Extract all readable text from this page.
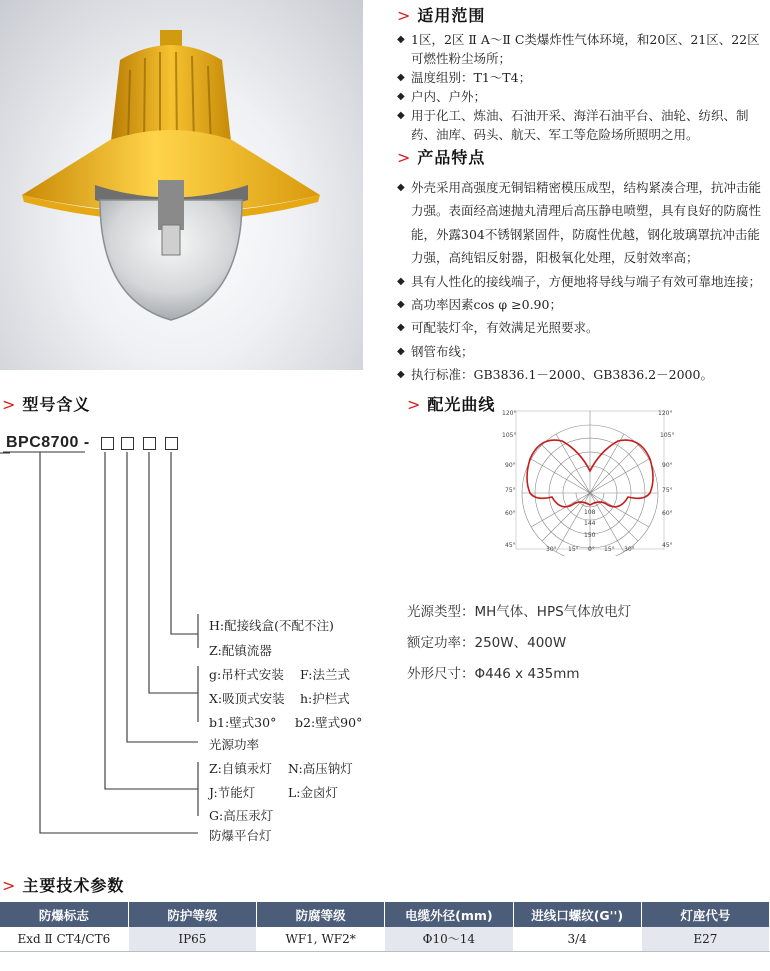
> 适用范围
◆ 1区，2区 Ⅱ A～Ⅱ C类爆炸性气体环境，和20区、21区、22区可燃性粉尘场所；
◆ 温度组别：T1～T4；
◆ 户内、户外；
◆ 用于化工、炼油、石油开采、海洋石油平台、油轮、纺织、制药、油库、码头、航天、军工等危险场所照明之用。
> 产品特点
◆ 外壳采用高强度无铜铝精密模压成型，结构紧凑合理，抗冲击能力强。表面经高速抛丸清理后高压静电喷塑，具有良好的防腐性能，外露304不锈钢紧固件，防腐性优越，钢化玻璃罩抗冲击能力强，高纯铝反射器，阳极氧化处理，反射效率高；
◆ 具有人性化的接线端子，方便地将导线与端子有效可靠地连接；
◆ 高功率因素cos φ ≥0.90；
◆ 可配装灯伞，有效满足光照要求。
◆ 钢管布线；
◆ 执行标准：GB3836.1－2000、GB3836.2－2000。
> 型号含义
BPC8700 -
H:配接线盒(不配不注)
Z:配镇流器
g:吊杆式安装 F:法兰式
X:吸顶式安装 h:护栏式
b1:壁式30° b2:壁式90°
光源功率
Z:自镇汞灯 N:高压钠灯
J:节能灯	L:金卤灯
G:高压汞灯
防爆平台灯
> 配光曲线 120°
105°
90°
75°
60°
45°
120°
105°
90°
75°
60°
45°
30° 15° 0° 15° 30°
108
144
150
光源类型：MH气体、HPS气体放电灯
额定功率：250W、400W
外形尺寸：Φ446 x 435mm
> 主要技术参数
防爆标志	防护等级	防腐等级	电缆外径(mm)	进线口螺纹(G'')	灯座代号
Exd Ⅱ CT4/CT6	IP65	WF1, WF2*	Φ10～14	3/4	E27
